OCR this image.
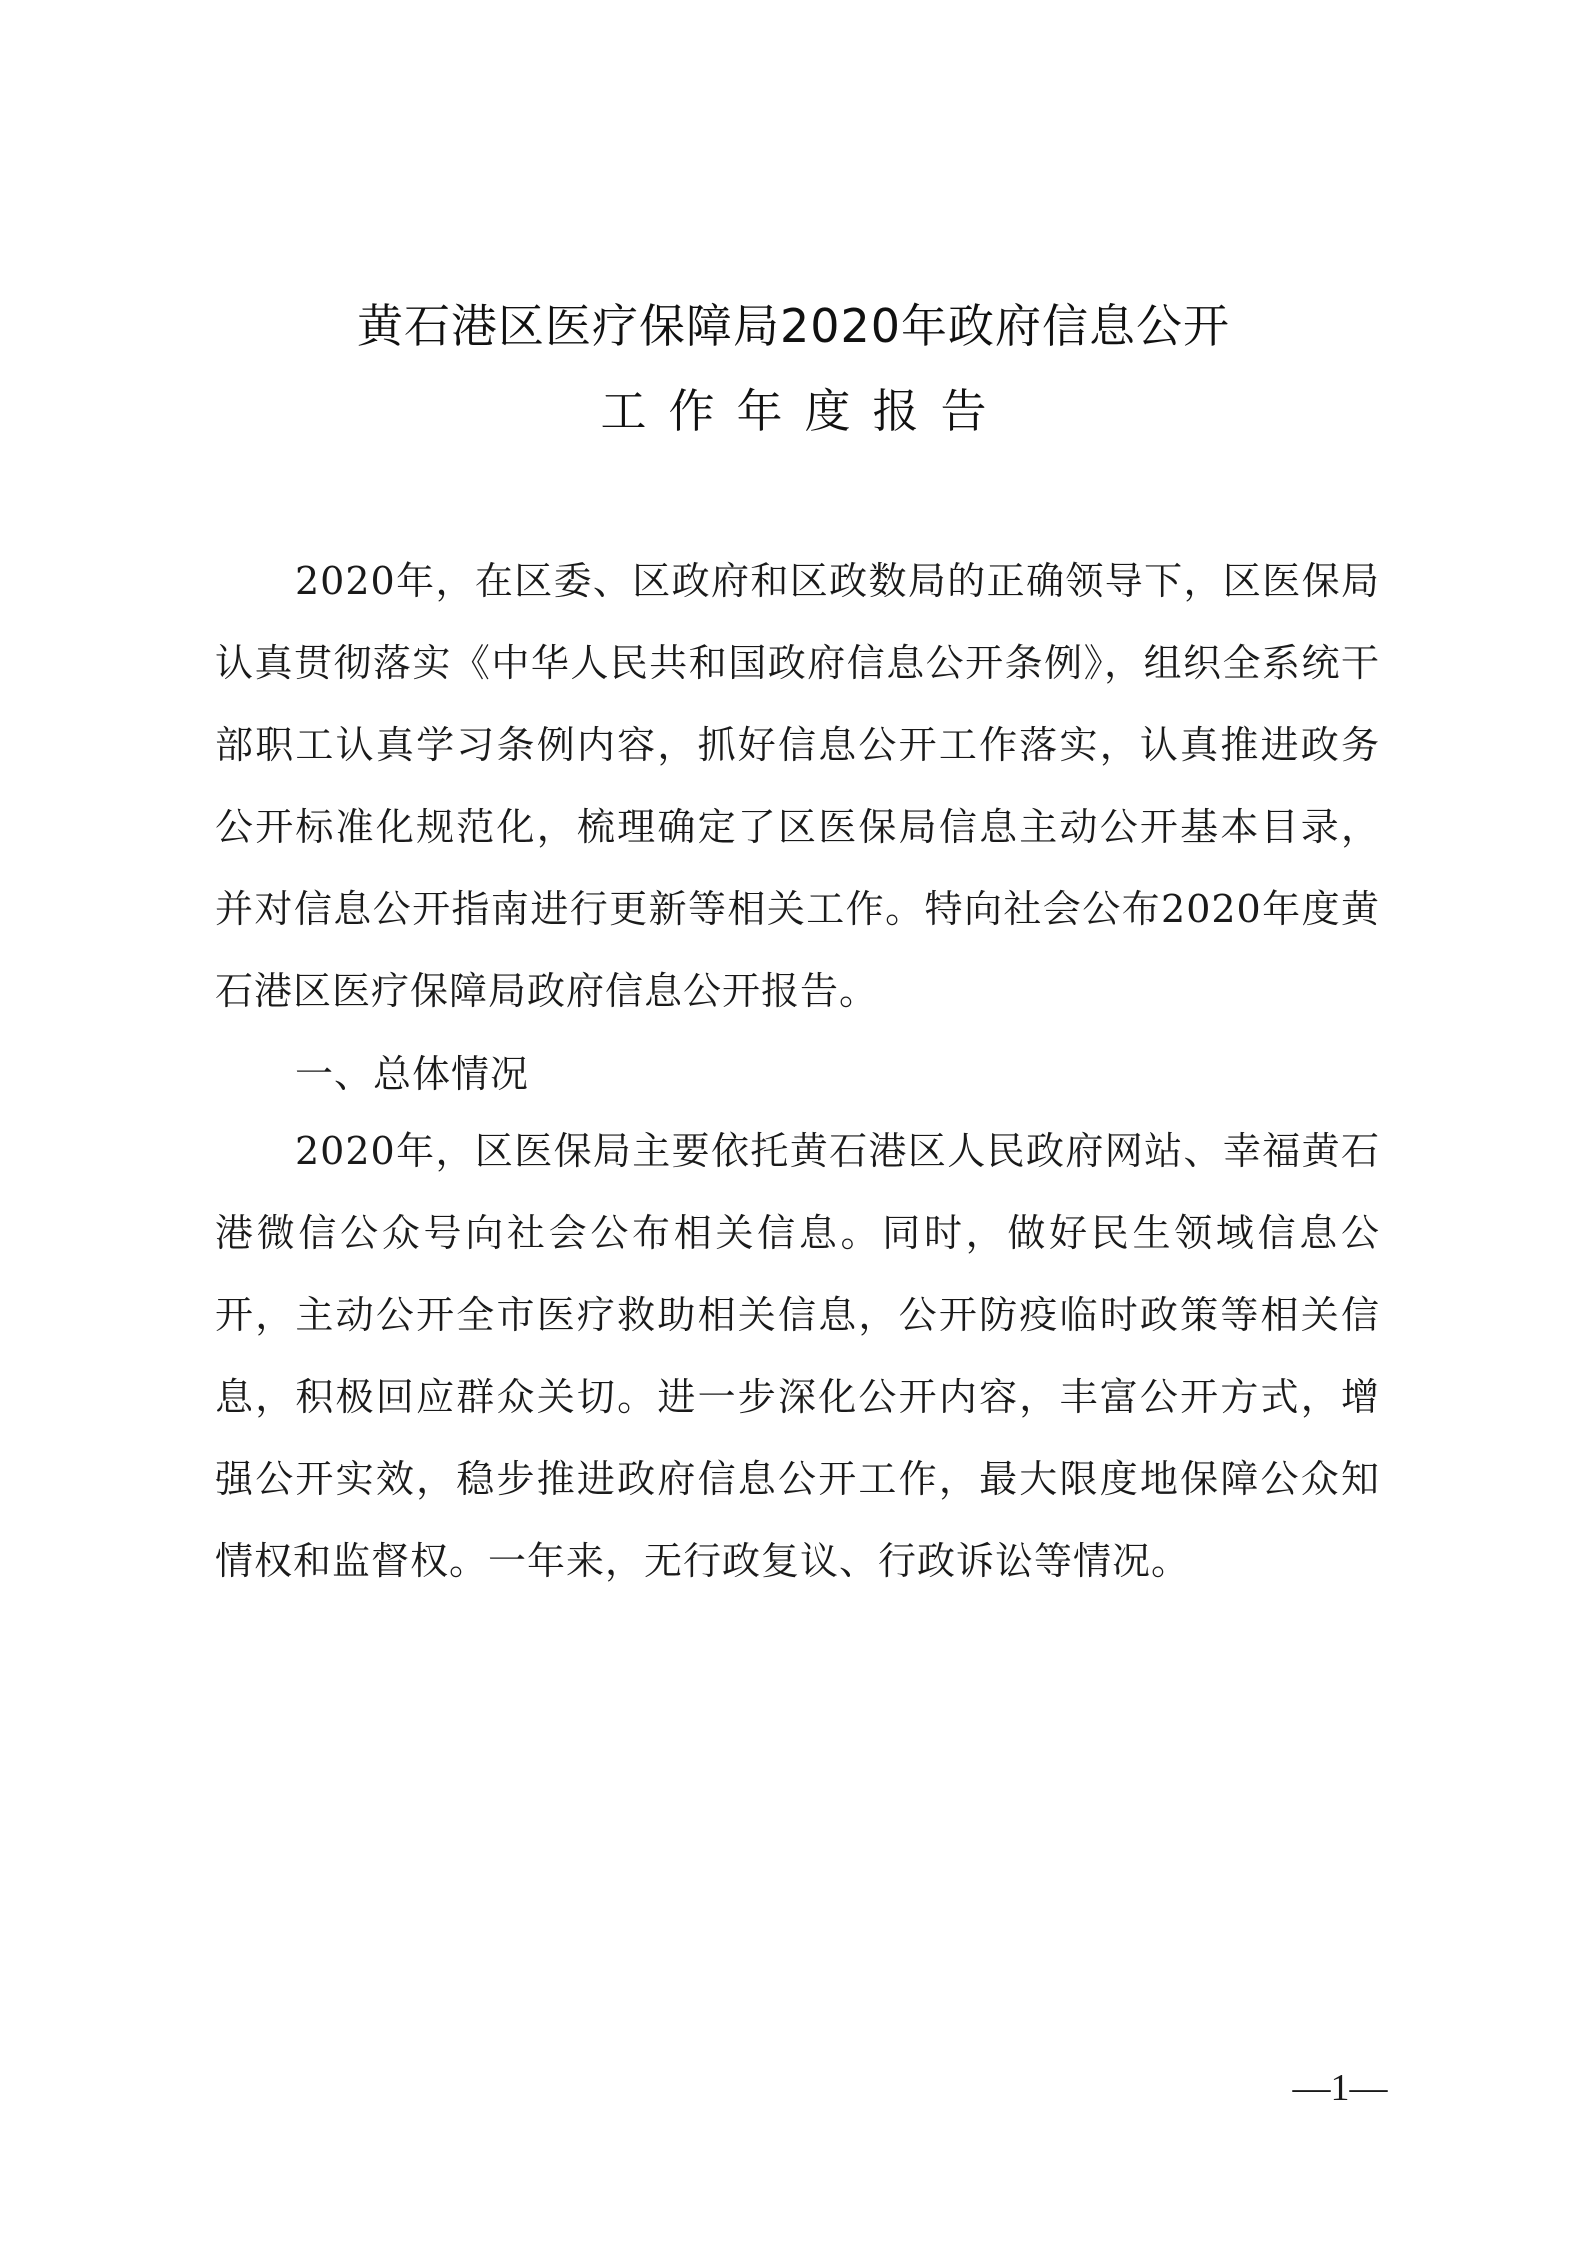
黄石港区医疗保障局2020年政府信息公开
工作年度报告

2020年，在区委、区政府和区政数局的正确领导下，区医保局认真贯彻落实《中华人民共和国政府信息公开条例》，组织全系统干部职工认真学习条例内容，抓好信息公开工作落实，认真推进政务公开标准化规范化，梳理确定了区医保局信息主动公开基本目录，并对信息公开指南进行更新等相关工作。特向社会公布2020年度黄石港区医疗保障局政府信息公开报告。

一、总体情况

2020年，区医保局主要依托黄石港区人民政府网站、幸福黄石港微信公众号向社会公布相关信息。同时，做好民生领域信息公开，主动公开全市医疗救助相关信息，公开防疫临时政策等相关信息，积极回应群众关切。进一步深化公开内容，丰富公开方式，增强公开实效，稳步推进政府信息公开工作，最大限度地保障公众知情权和监督权。一年来，无行政复议、行政诉讼等情况。

—1—
